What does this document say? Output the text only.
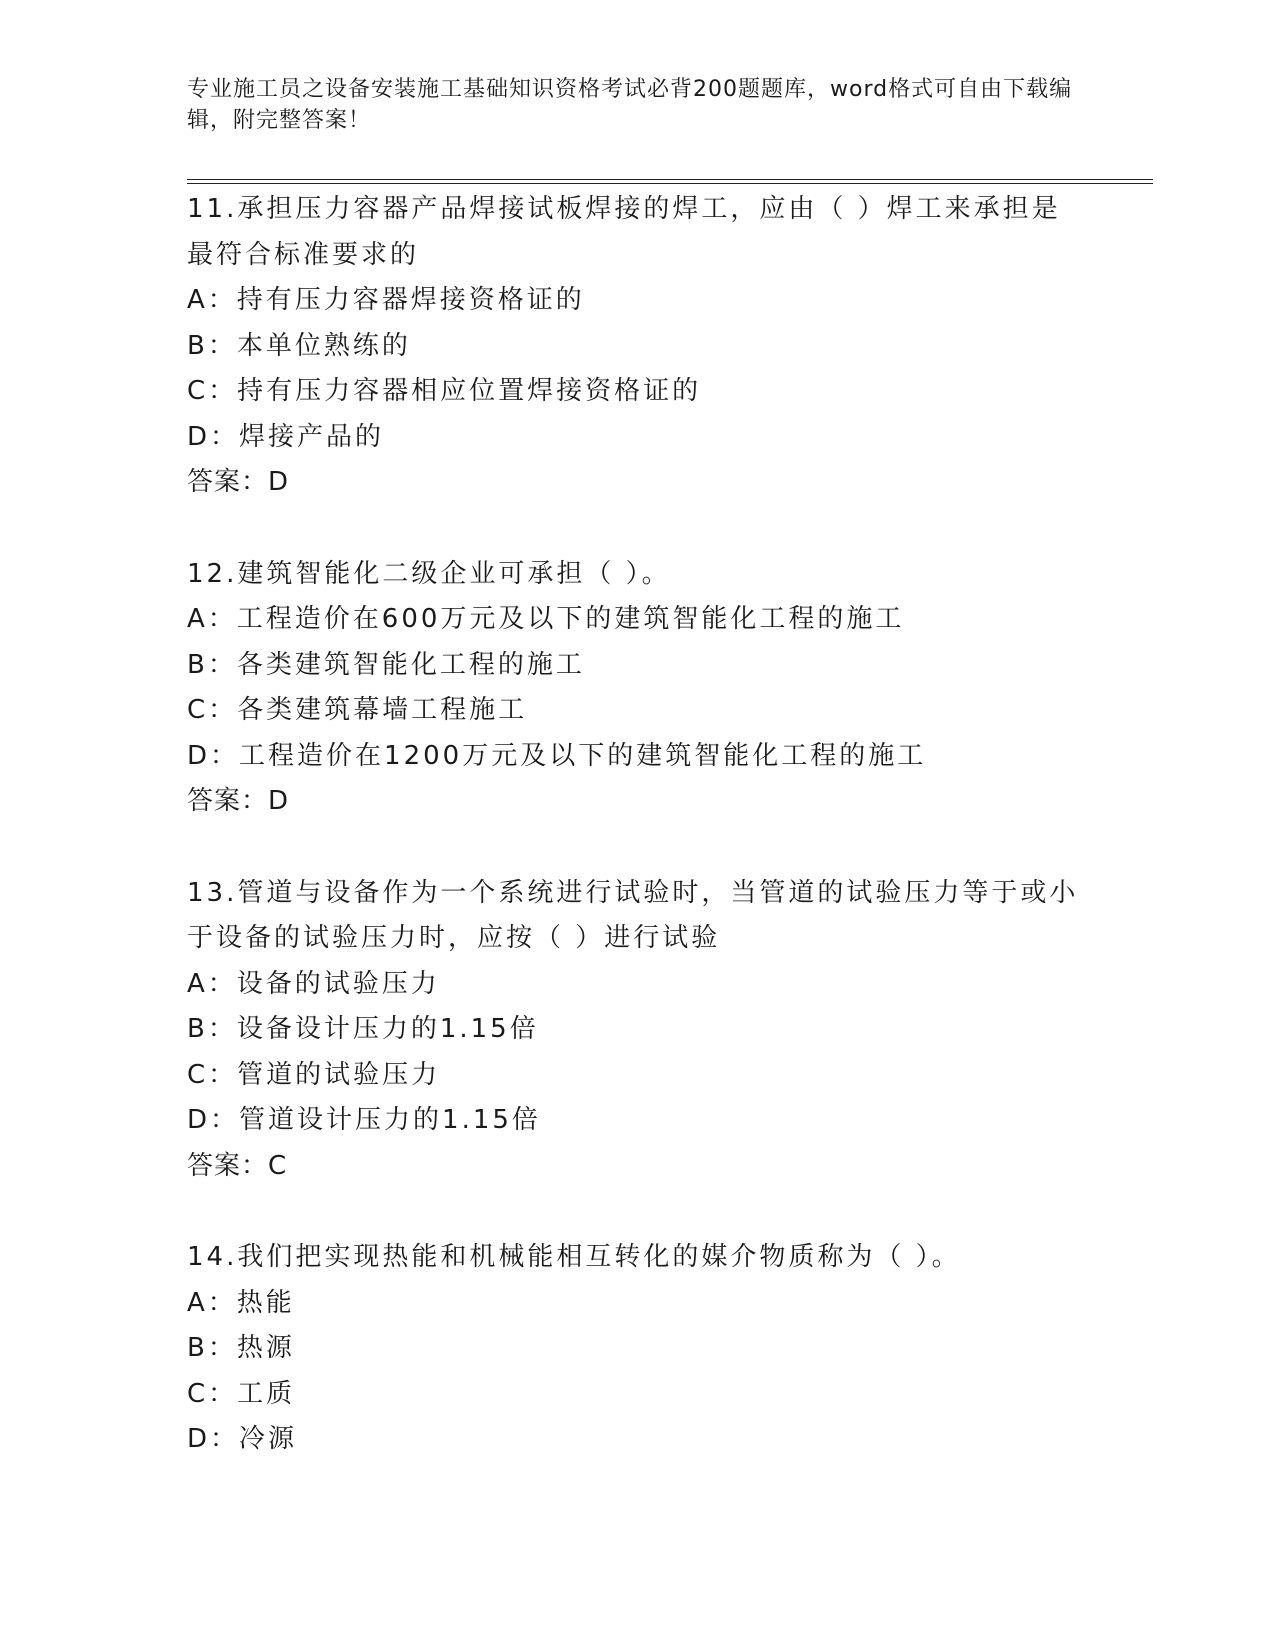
专业施工员之设备安装施工基础知识资格考试必背200题题库，word格式可自由下载编辑，附完整答案！
11.承担压力容器产品焊接试板焊接的焊工，应由（ ）焊工来承担是最符合标准要求的
A：持有压力容器焊接资格证的
B：本单位熟练的
C：持有压力容器相应位置焊接资格证的
D：焊接产品的
答案：D
12.建筑智能化二级企业可承担（ ）。
A：工程造价在600万元及以下的建筑智能化工程的施工
B：各类建筑智能化工程的施工
C：各类建筑幕墙工程施工
D：工程造价在1200万元及以下的建筑智能化工程的施工
答案：D
13.管道与设备作为一个系统进行试验时，当管道的试验压力等于或小于设备的试验压力时，应按（ ）进行试验
A：设备的试验压力
B：设备设计压力的1.15倍
C：管道的试验压力
D：管道设计压力的1.15倍
答案：C
14.我们把实现热能和机械能相互转化的媒介物质称为（ ）。
A：热能
B：热源
C：工质
D：冷源
